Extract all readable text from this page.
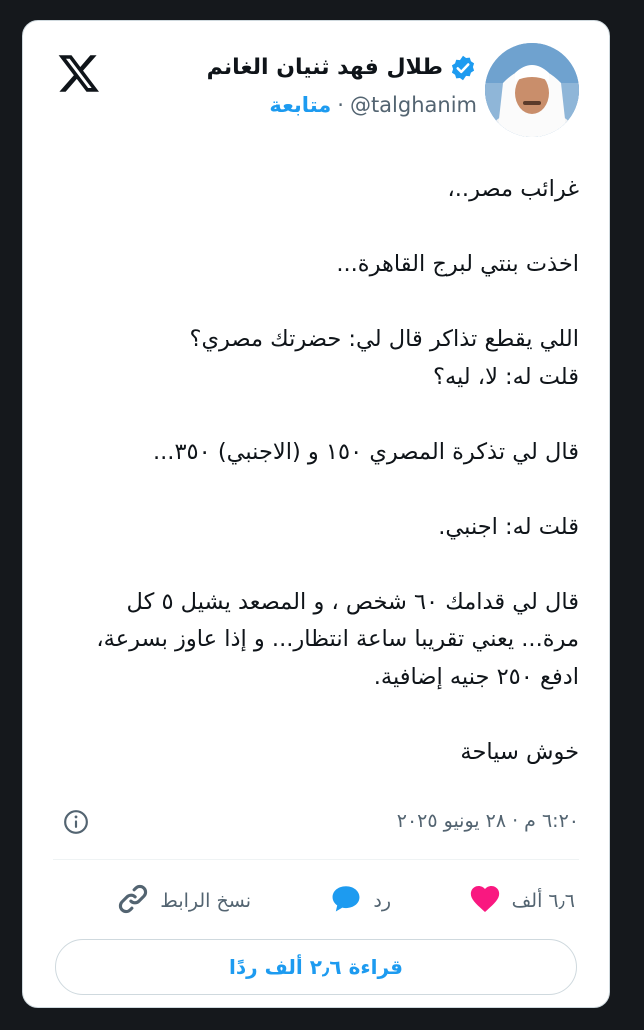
طلال فهد ثنيان الغانم
@talghanim
·
متابعة

غرائب مصر..،

اخذت بنتي لبرج القاهرة...

اللي يقطع تذاكر قال لي: حضرتك مصري؟

قلت له: لا، ليه؟

قال لي تذكرة المصري ١٥٠ و (الاجنبي) ٣٥٠...

قلت له: اجنبي.

قال لي قدامك ٦٠ شخص ، و المصعد يشيل ٥ كل

مرة... يعني تقريبا ساعة انتظار... و إذا عاوز بسرعة،

ادفع ٢٥٠ جنيه إضافية.

خوش سياحة

٦:٢٠ م · ٢٨ يونيو ٢٠٢٥
٦٫٦ ألف
رد
نسخ الرابط
قراءة ٢٫٦ ألف ردًا
